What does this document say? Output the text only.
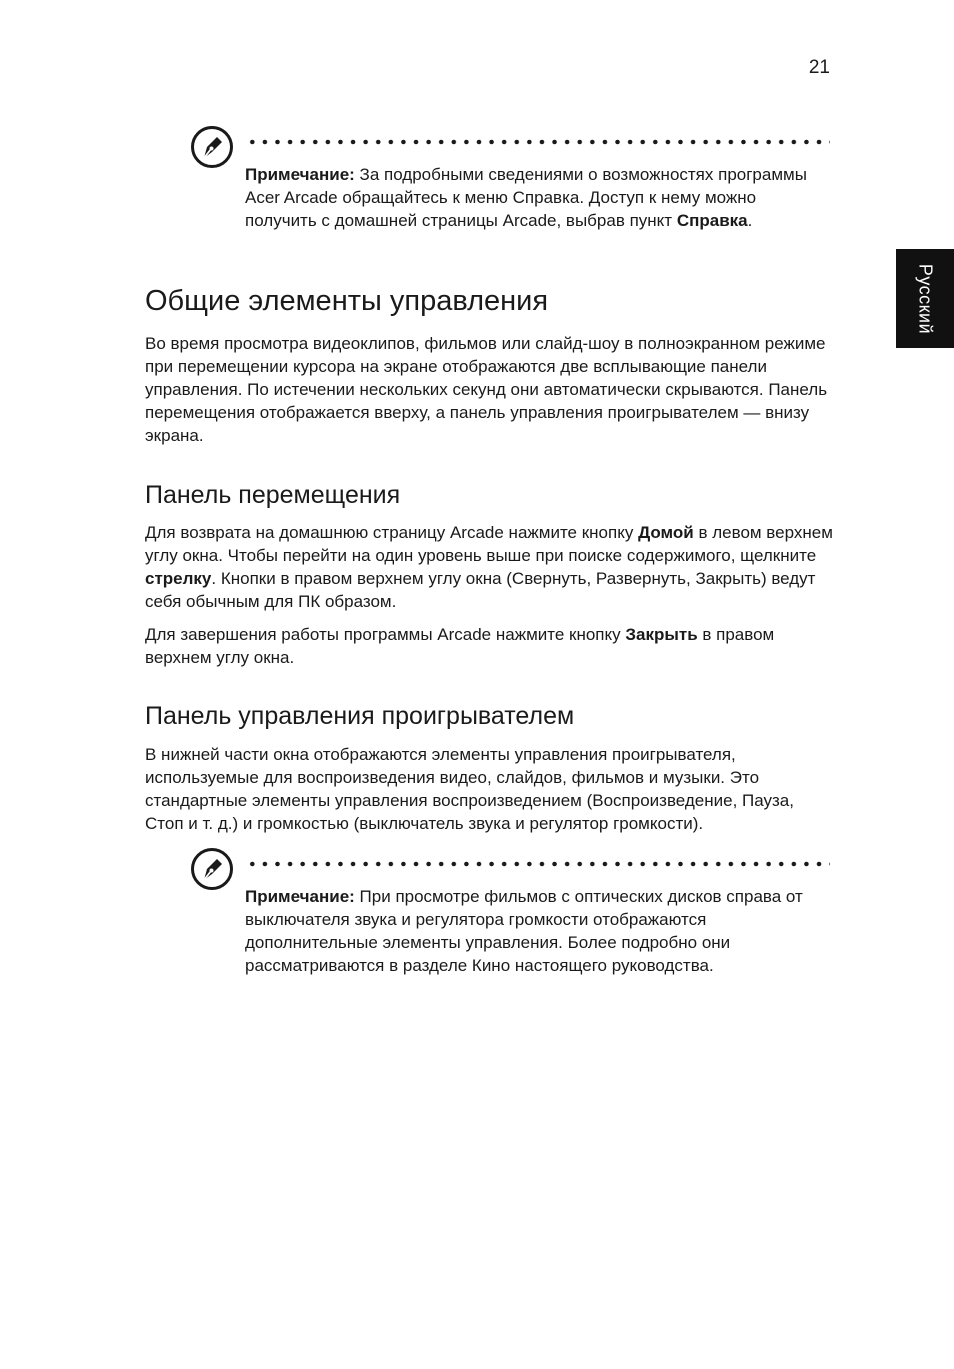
21
Русский

Примечание: За подробными сведениями о возможностях программы Acer Arcade обращайтесь к меню Справка. Доступ к нему можно получить с домашней страницы Arcade, выбрав пункт Справка.

Общие элементы управления

Во время просмотра видеоклипов, фильмов или слайд-шоу в полноэкранном режиме при перемещении курсора на экране отображаются две всплывающие панели управления. По истечении нескольких секунд они автоматически скрываются. Панель перемещения отображается вверху, а панель управления проигрывателем — внизу экрана.

Панель перемещения

Для возврата на домашнюю страницу Arcade нажмите кнопку Домой в левом верхнем углу окна. Чтобы перейти на один уровень выше при поиске содержимого, щелкните стрелку. Кнопки в правом верхнем углу окна (Свернуть, Развернуть, Закрыть) ведут себя обычным для ПК образом.

Для завершения работы программы Arcade нажмите кнопку Закрыть в правом верхнем углу окна.

Панель управления проигрывателем

В нижней части окна отображаются элементы управления проигрывателя, используемые для воспроизведения видео, слайдов, фильмов и музыки. Это стандартные элементы управления воспроизведением (Воспроизведение, Пауза, Стоп и т. д.) и громкостью (выключатель звука и регулятор громкости).

Примечание: При просмотре фильмов с оптических дисков справа от выключателя звука и регулятора громкости отображаются дополнительные элементы управления. Более подробно они рассматриваются в разделе Кино настоящего руководства.
